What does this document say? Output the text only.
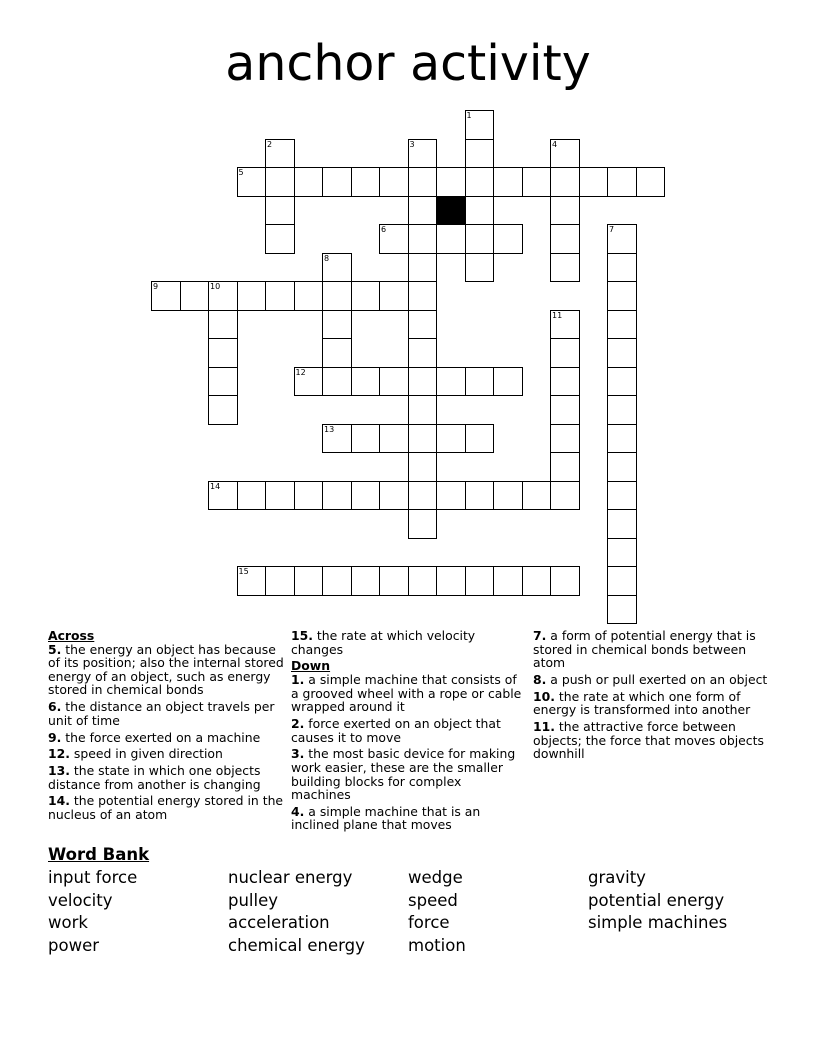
anchor activity
5
6
9	10
12
13
14
15
1
2	3	4
7
8
11
Across
5. the energy an object has because of its position; also the internal stored energy of an object, such as energy stored in chemical bonds
6. the distance an object travels per unit of time
9. the force exerted on a machine
12. speed in given direction
13. the state in which one objects distance from another is changing
14. the potential energy stored in the nucleus of an atom
15. the rate at which velocity changes
Down
1. a simple machine that consists of a grooved wheel with a rope or cable wrapped around it
2. force exerted on an object that causes it to move
3. the most basic device for making work easier, these are the smaller building blocks for complex machines
4. a simple machine that is an inclined plane that moves
7. a form of potential energy that is stored in chemical bonds between atom
8. a push or pull exerted on an object
10. the rate at which one form of energy is transformed into another
11. the attractive force between objects; the force that moves objects downhill
Word Bank
input force
velocity
work
power
nuclear energy
pulley
acceleration
chemical energy
wedge
speed
force
motion
gravity
potential energy
simple machines
